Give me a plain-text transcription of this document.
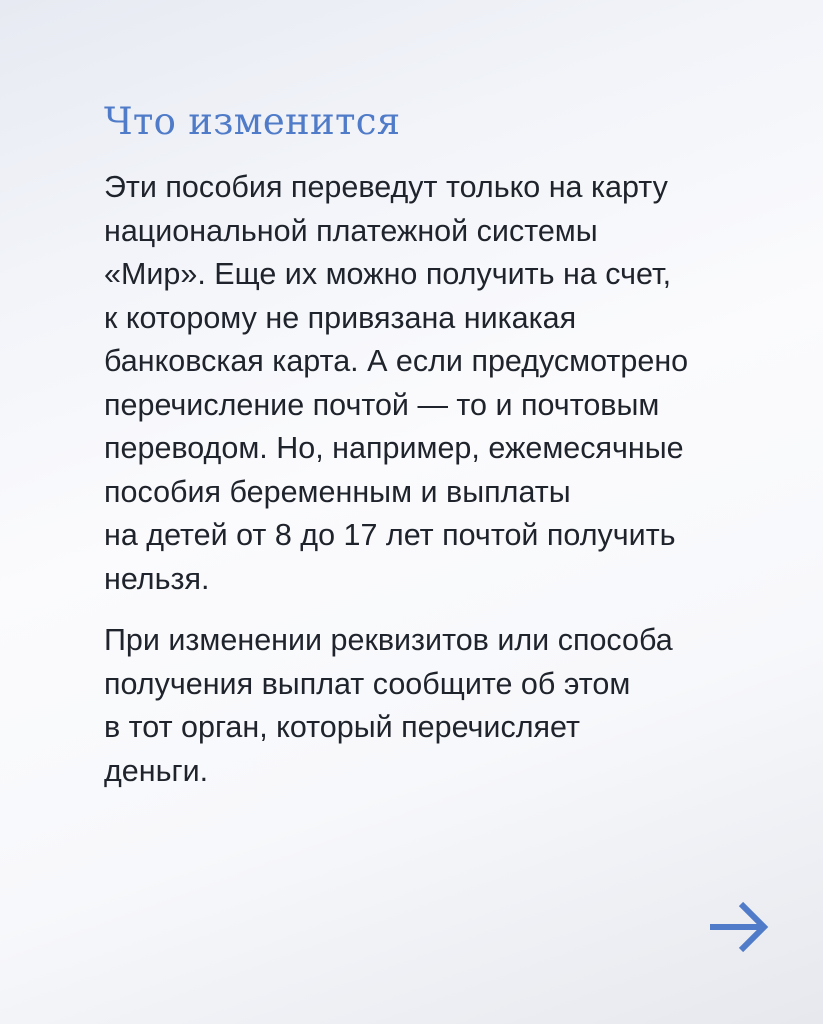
Что изменится

Эти пособия переведут только на карту
национальной платежной системы
«Мир». Еще их можно получить на счет,
к которому не привязана никакая
банковская карта. А если предусмотрено
перечисление почтой — то и почтовым
переводом. Но, например, ежемесячные
пособия беременным и выплаты
на детей от 8 до 17 лет почтой получить
нельзя.

При изменении реквизитов или способа
получения выплат сообщите об этом
в тот орган, который перечисляет
деньги.
